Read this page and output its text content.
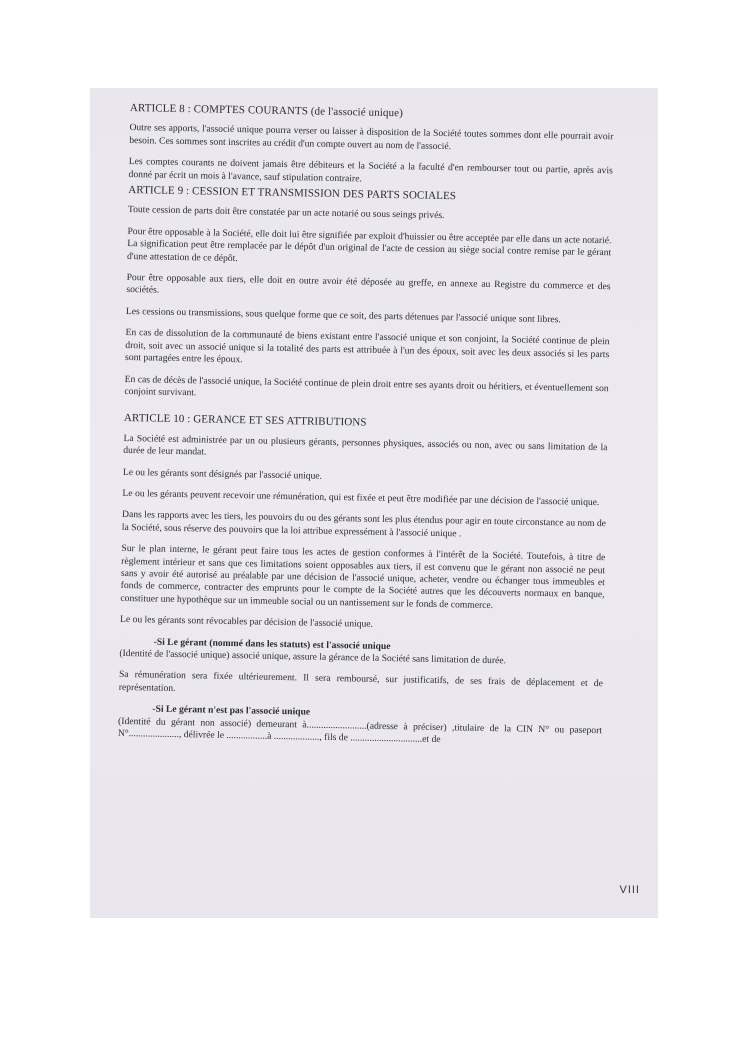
ARTICLE 8 : COMPTES COURANTS (de l'associé unique)

Outre ses apports, l'associé unique pourra verser ou laisser à disposition de la Société toutes sommes dont elle pourrait avoir besoin. Ces sommes sont inscrites au crédit d'un compte ouvert au nom de l'associé.

Les comptes courants ne doivent jamais être débiteurs et la Société a la faculté d'en rembourser tout ou partie, après avis donné par écrit un mois à l'avance, sauf stipulation contraire.

ARTICLE 9 : CESSION ET TRANSMISSION DES PARTS SOCIALES

Toute cession de parts doit être constatée par un acte notarié ou sous seings privés.

Pour être opposable à la Société, elle doit lui être signifiée par exploit d'huissier ou être acceptée par elle dans un acte notarié. La signification peut être remplacée par le dépôt d'un original de l'acte de cession au siège social contre remise par le gérant d'une attestation de ce dépôt.

Pour être opposable aux tiers, elle doit en outre avoir été déposée au greffe, en annexe au Registre du commerce et des sociétés.

Les cessions ou transmissions, sous quelque forme que ce soit, des parts détenues par l'associé unique sont libres.

En cas de dissolution de la communauté de biens existant entre l'associé unique et son conjoint, la Société continue de plein droit, soit avec un associé unique si la totalité des parts est attribuée à l'un des époux, soit avec les deux associés si les parts sont partagées entre les époux.

En cas de décès de l'associé unique, la Société continue de plein droit entre ses ayants droit ou héritiers, et éventuellement son conjoint survivant.

ARTICLE 10 : GERANCE ET SES ATTRIBUTIONS

La Société est administrée par un ou plusieurs gérants, personnes physiques, associés ou non, avec ou sans limitation de la durée de leur mandat.

Le ou les gérants sont désignés par l'associé unique.

Le ou les gérants peuvent recevoir une rémunération, qui est fixée et peut être modifiée par une décision de l'associé unique.

Dans les rapports avec les tiers, les pouvoirs du ou des gérants sont les plus étendus pour agir en toute circonstance au nom de la Société, sous réserve des pouvoirs que la loi attribue expressément à l'associé unique .

Sur le plan interne, le gérant peut faire tous les actes de gestion conformes à l'intérêt de la Société. Toutefois, à titre de règlement intérieur et sans que ces limitations soient opposables aux tiers, il est convenu que le gérant non associé ne peut sans y avoir été autorisé au préalable par une décision de l'associé unique, acheter, vendre ou échanger tous immeubles et fonds de commerce, contracter des emprunts pour le compte de la Société autres que les découverts normaux en banque, constituer une hypothèque sur un immeuble social ou un nantissement sur le fonds de commerce.

Le ou les gérants sont révocables par décision de l'associé unique.

-Si Le gérant (nommé dans les statuts) est l'associé unique

(Identité de l'associé unique) associé unique, assure la gérance de la Société sans limitation de durée.

Sa rémunération sera fixée ultérieurement. Il sera remboursé, sur justificatifs, de ses frais de déplacement et de représentation.

-Si Le gérant n'est pas l'associé unique

(Identité du gérant non associé) demeurant à.........................(adresse à préciser) ,titulaire de la CIN N° ou paseport N°....................., délivrée le .................à ..................., fils de ..............................et de

VIII
